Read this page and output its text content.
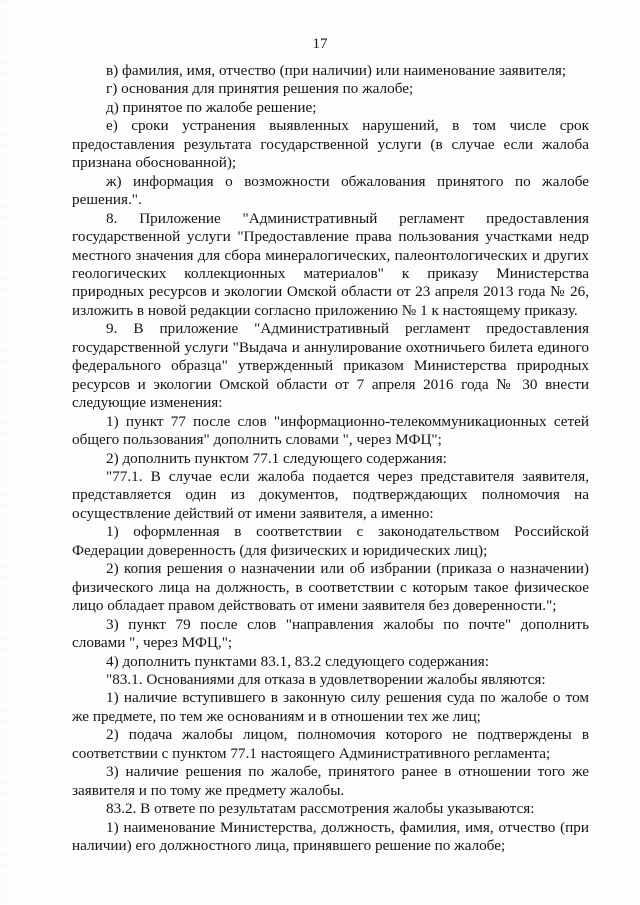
17

в) фамилия, имя, отчество (при наличии) или наименование заявителя;

г) основания для принятия решения по жалобе;

д) принятое по жалобе решение;

е) сроки устранения выявленных нарушений, в том числе срок предоставления результата государственной услуги (в случае если жалоба признана обоснованной);

ж) информация о возможности обжалования принятого по жалобе решения.".

8. Приложение "Административный регламент предоставления государственной услуги "Предоставление права пользования участками недр местного значения для сбора минералогических, палеонтологических и других геологических коллекционных материалов" к приказу Министерства природных ресурсов и экологии Омской области от 23 апреля 2013 года № 26, изложить в новой редакции согласно приложению № 1 к настоящему приказу.

9. В приложение "Административный регламент предоставления государственной услуги "Выдача и аннулирование охотничьего билета единого федерального образца" утвержденный приказом Министерства природных ресурсов и экологии Омской области от 7 апреля 2016 года № 30 внести следующие изменения:

1) пункт 77 после слов "информационно-телекоммуникационных сетей общего пользования" дополнить словами ", через МФЦ";

2) дополнить пунктом 77.1 следующего содержания:

"77.1. В случае если жалоба подается через представителя заявителя, представляется один из документов, подтверждающих полномочия на осуществление действий от имени заявителя, а именно:

1) оформленная в соответствии с законодательством Российской Федерации доверенность (для физических и юридических лиц);

2) копия решения о назначении или об избрании (приказа о назначении) физического лица на должность, в соответствии с которым такое физическое лицо обладает правом действовать от имени заявителя без доверенности.";

3) пункт 79 после слов "направления жалобы по почте" дополнить словами ", через МФЦ,";

4) дополнить пунктами 83.1, 83.2 следующего содержания:

"83.1. Основаниями для отказа в удовлетворении жалобы являются:

1) наличие вступившего в законную силу решения суда по жалобе о том же предмете, по тем же основаниям и в отношении тех же лиц;

2) подача жалобы лицом, полномочия которого не подтверждены в соответствии с пунктом 77.1 настоящего Административного регламента;

3) наличие решения по жалобе, принятого ранее в отношении того же заявителя и по тому же предмету жалобы.

83.2. В ответе по результатам рассмотрения жалобы указываются:

1) наименование Министерства, должность, фамилия, имя, отчество (при наличии) его должностного лица, принявшего решение по жалобе;
